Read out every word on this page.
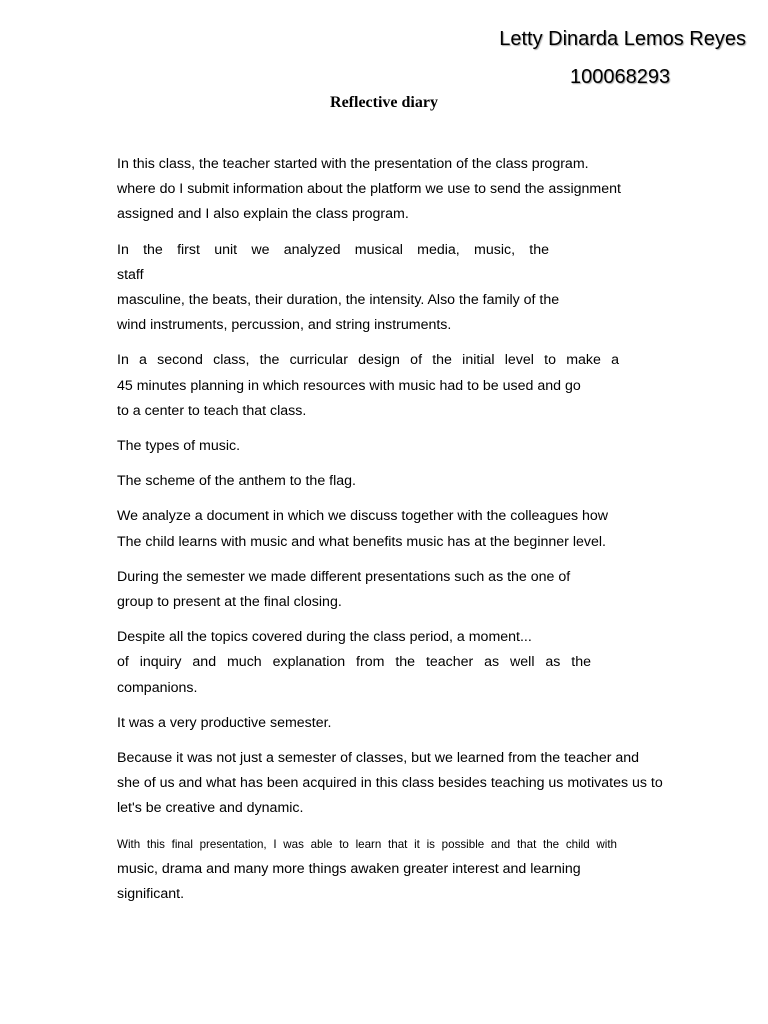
Letty Dinarda Lemos Reyes
100068293
Reflective diary
In this class, the teacher started with the presentation of the class program.
where do I submit information about the platform we use to send the assignment
assigned and I also explain the class program.
In the first unit we analyzed musical media, music, the
staff
masculine, the beats, their duration, the intensity. Also the family of the
wind instruments, percussion, and string instruments.
In a second class, the curricular design of the initial level to make a
45 minutes planning in which resources with music had to be used and go
to a center to teach that class.
The types of music.
The scheme of the anthem to the flag.
We analyze a document in which we discuss together with the colleagues how
The child learns with music and what benefits music has at the beginner level.
During the semester we made different presentations such as the one of
group to present at the final closing.
Despite all the topics covered during the class period, a moment...
of inquiry and much explanation from the teacher as well as the
companions.
It was a very productive semester.
Because it was not just a semester of classes, but we learned from the teacher and
she of us and what has been acquired in this class besides teaching us motivates us to
let's be creative and dynamic.
With this final presentation, I was able to learn that it is possible and that the child with
music, drama and many more things awaken greater interest and learning
significant.
